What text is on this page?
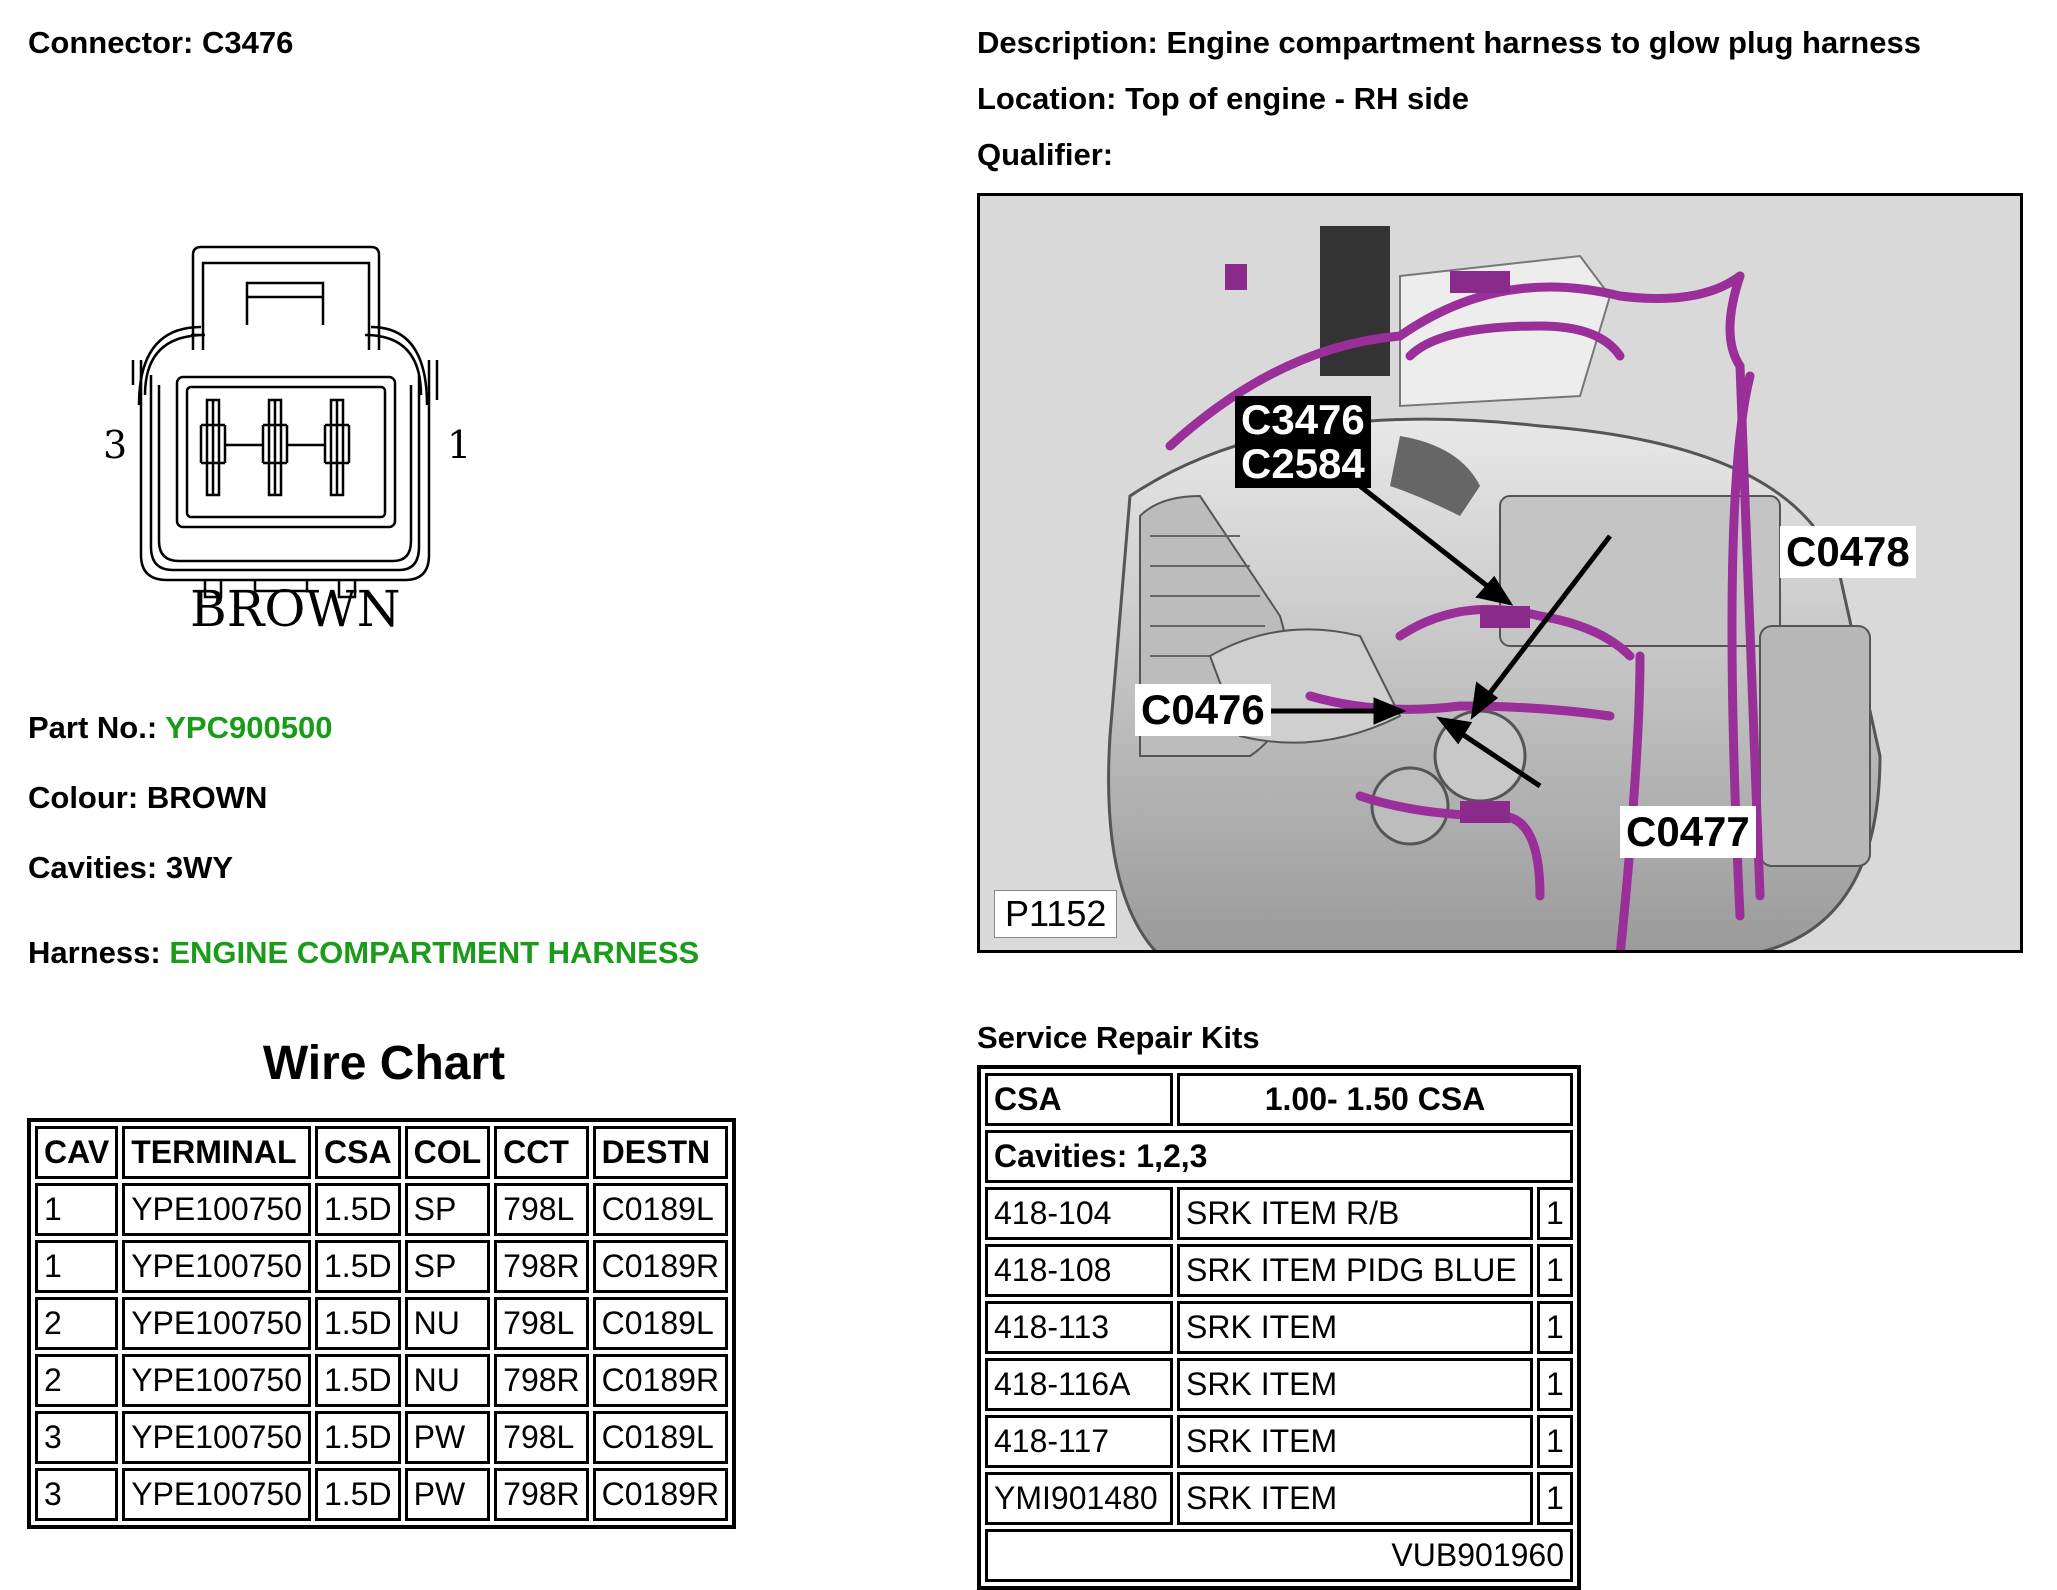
Connector: C3476	Description: Engine compartment harness to glow plug harness
Location: Top of engine - RH side
Qualifier:
3	1
BROWN
Part No.: YPC900500
Colour: BROWN
Cavities: 3WY
Harness: ENGINE COMPARTMENT HARNESS
Wire Chart
CAV	TERMINAL	CSA	COL	CCT	DESTN
1	YPE100750	1.5D	SP	798L	C0189L
1	YPE100750	1.5D	SP	798R	C0189R
2	YPE100750	1.5D	NU	798L	C0189L
2	YPE100750	1.5D	NU	798R	C0189R
3	YPE100750	1.5D	PW	798L	C0189L
3	YPE100750	1.5D	PW	798R	C0189R
C3476
C2584
C0478
C0476
C0477
P1152
Service Repair Kits
CSA	1.00- 1.50 CSA	
Cavities: 1,2,3		
418-104	SRK ITEM R/B	1
418-108	SRK ITEM PIDG BLUE	1
418-113	SRK ITEM	1
418-116A	SRK ITEM	1
418-117	SRK ITEM	1
YMI901480	SRK ITEM	1
VUB901960		
